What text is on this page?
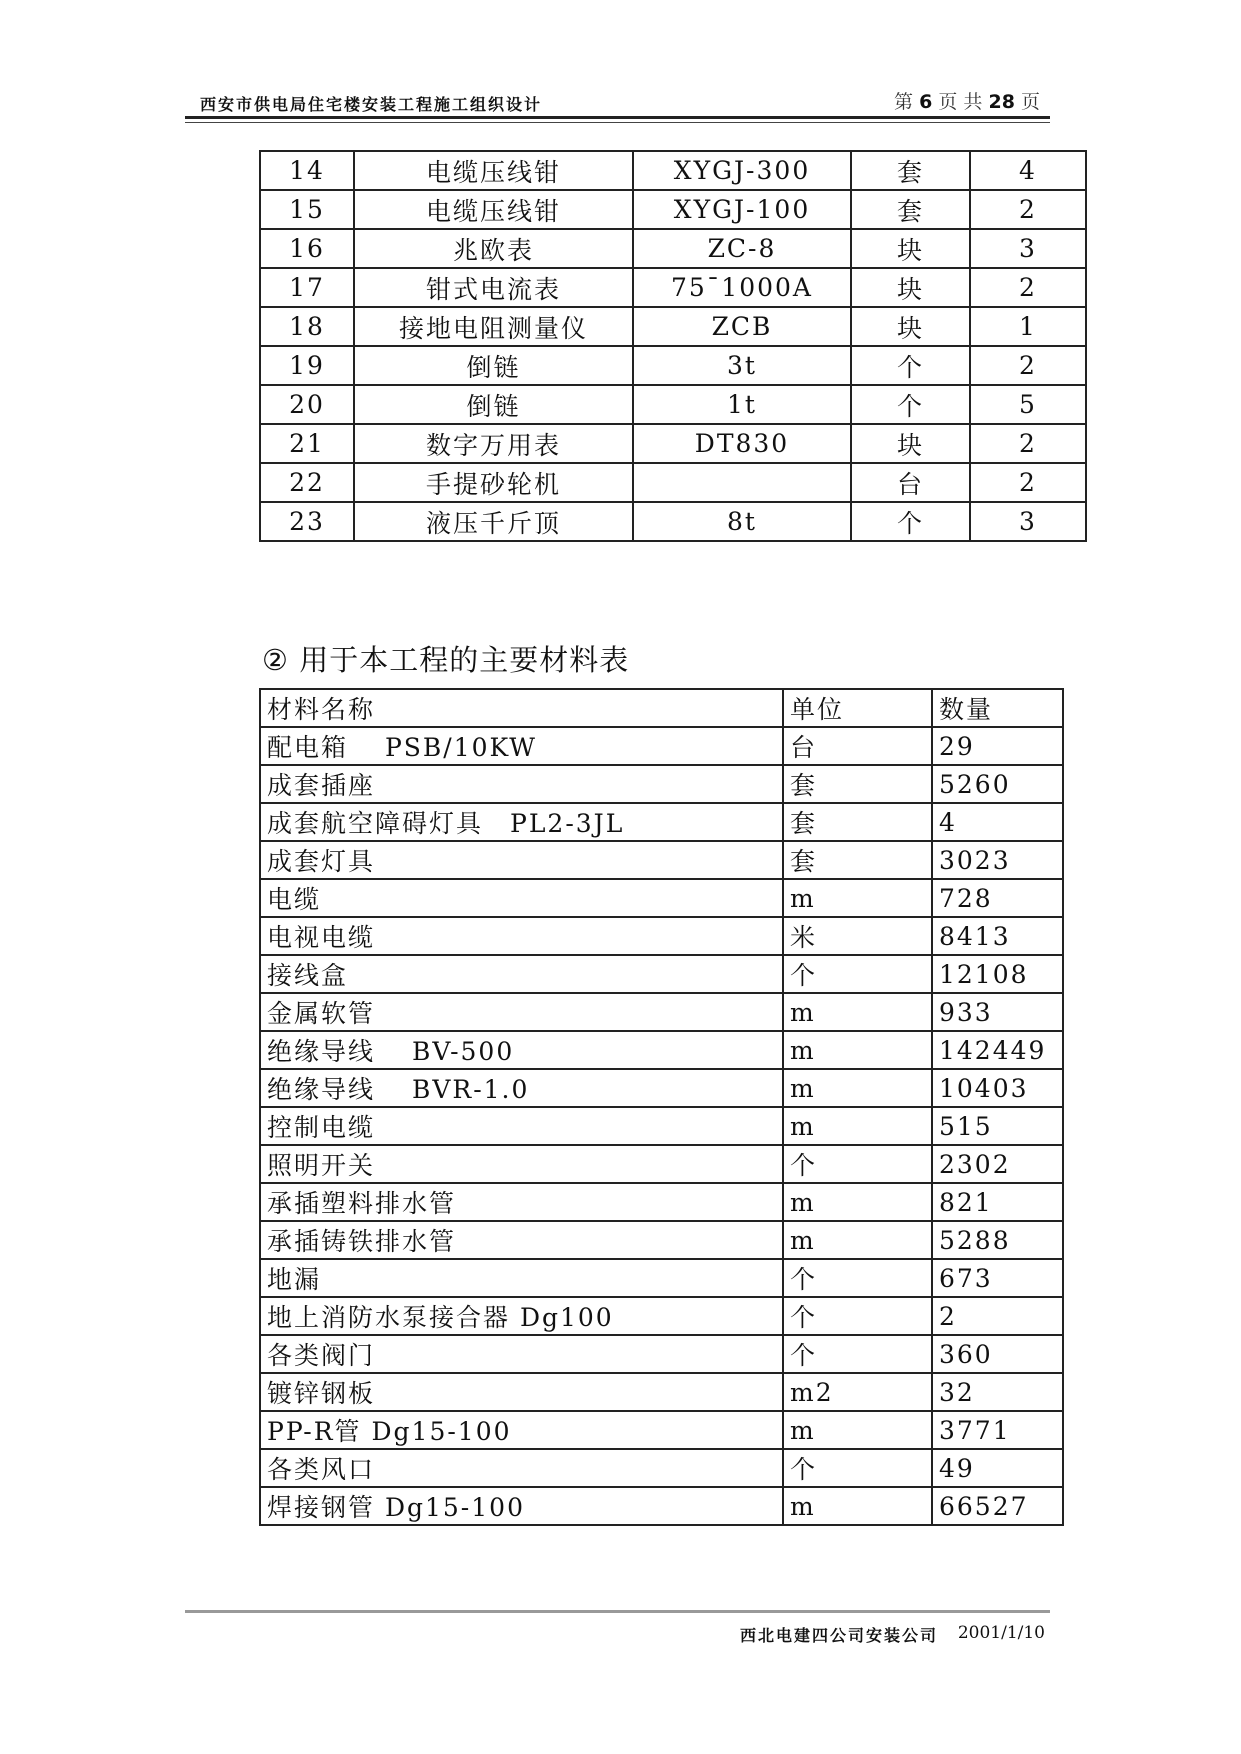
西安市供电局住宅楼安装工程施工组织设计	第 6 页 共 28 页
14	电缆压线钳	XYGJ-300	套	4
15	电缆压线钳	XYGJ-100	套	2
16	兆欧表	ZC-8	块	3
17	钳式电流表	75¯1000A	块	2
18	接地电阻测量仪	ZCB	块	1
19	倒链	3t	个	2
20	倒链	1t	个	5
21	数字万用表	DT830	块	2
22	手提砂轮机		台	2
23	液压千斤顶	8t	个	3
② 用于本工程的主要材料表
材料名称	单位	数量
配电箱　 PSB/10KW	台	29
成套插座	套	5260
成套航空障碍灯具　PL2-3JL	套	4
成套灯具	套	3023
电缆	m	728
电视电缆	米	8413
接线盒	个	12108
金属软管	m	933
绝缘导线　 BV-500	m	142449
绝缘导线　 BVR-1.0	m	10403
控制电缆	m	515
照明开关	个	2302
承插塑料排水管	m	821
承插铸铁排水管	m	5288
地漏	个	673
地上消防水泵接合器 Dg100	个	2
各类阀门	个	360
镀锌钢板	m2	32
PP-R管 Dg15-100	m	3771
各类风口	个	49
焊接钢管 Dg15-100	m	66527
西北电建四公司安装公司 2001/1/10
